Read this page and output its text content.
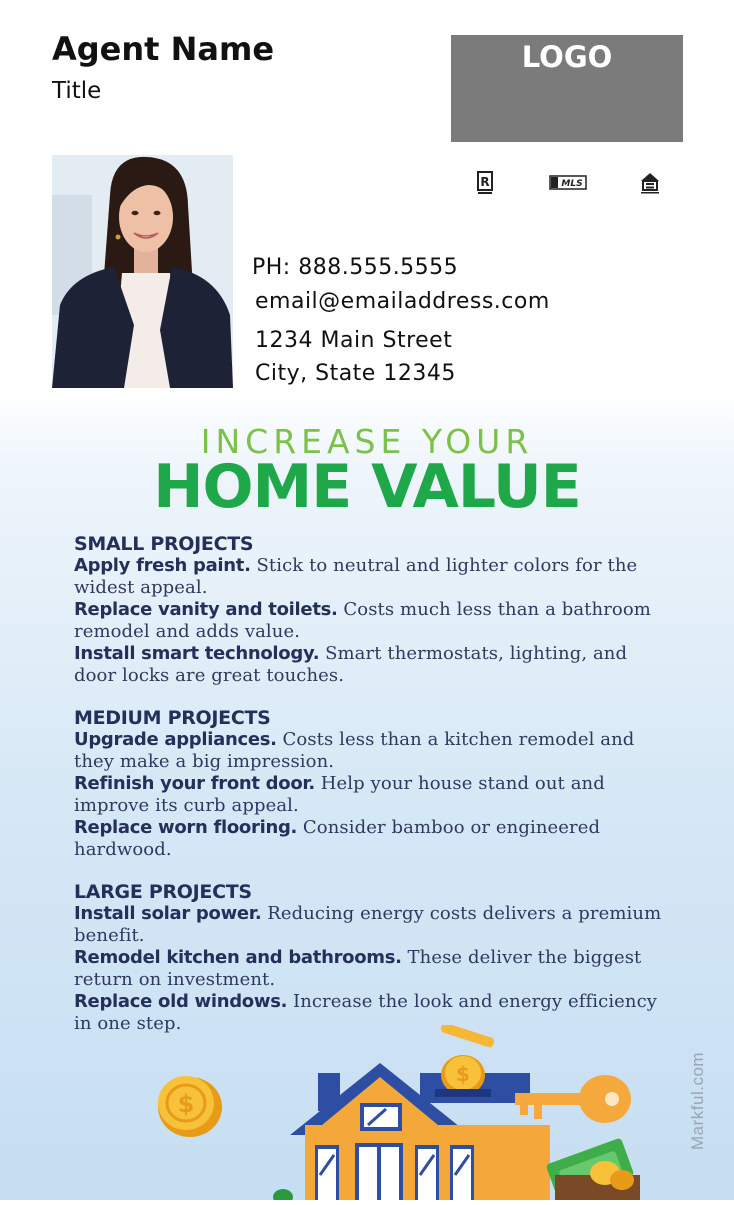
Agent Name
Title
LOGO
R	MLS
PH: 888.555.5555
email@emailaddress.com
1234 Main Street
City, State 12345
INCREASE YOUR
HOME VALUE
SMALL PROJECTS
Apply fresh paint. Stick to neutral and lighter colors for the widest appeal.
Replace vanity and toilets. Costs much less than a bathroom remodel and adds value.
Install smart technology. Smart thermostats, lighting, and door locks are great touches.
MEDIUM PROJECTS
Upgrade appliances. Costs less than a kitchen remodel and they make a big impression.
Refinish your front door. Help your house stand out and improve its curb appeal.
Replace worn flooring. Consider bamboo or engineered hardwood.
LARGE PROJECTS
Install solar power. Reducing energy costs delivers a premium benefit.
Remodel kitchen and bathrooms. These deliver the biggest return on investment.
Replace old windows. Increase the look and energy efficiency in one step.
Markful.com
$
$
